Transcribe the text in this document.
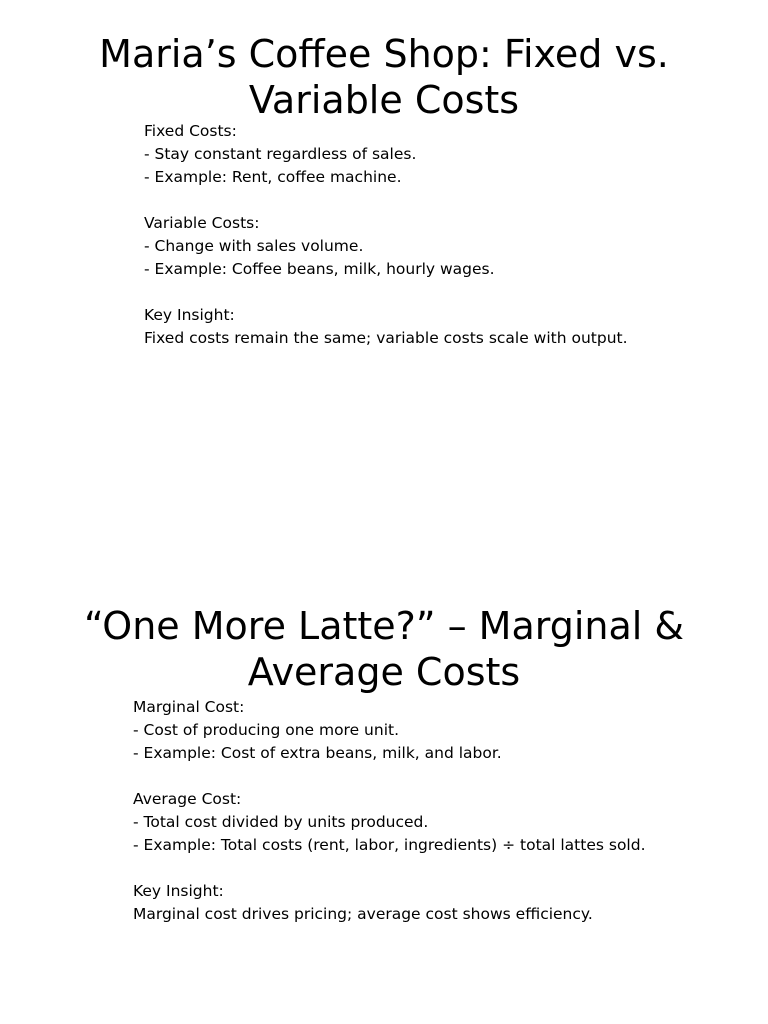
Maria’s Coffee Shop: Fixed vs.
Variable Costs
Fixed Costs:
- Stay constant regardless of sales.
- Example: Rent, coffee machine.
Variable Costs:
- Change with sales volume.
- Example: Coffee beans, milk, hourly wages.
Key Insight:
Fixed costs remain the same; variable costs scale with output.
“One More Latte?” – Marginal &
Average Costs
Marginal Cost:
- Cost of producing one more unit.
- Example: Cost of extra beans, milk, and labor.
Average Cost:
- Total cost divided by units produced.
- Example: Total costs (rent, labor, ingredients) ÷ total lattes sold.
Key Insight:
Marginal cost drives pricing; average cost shows efficiency.
